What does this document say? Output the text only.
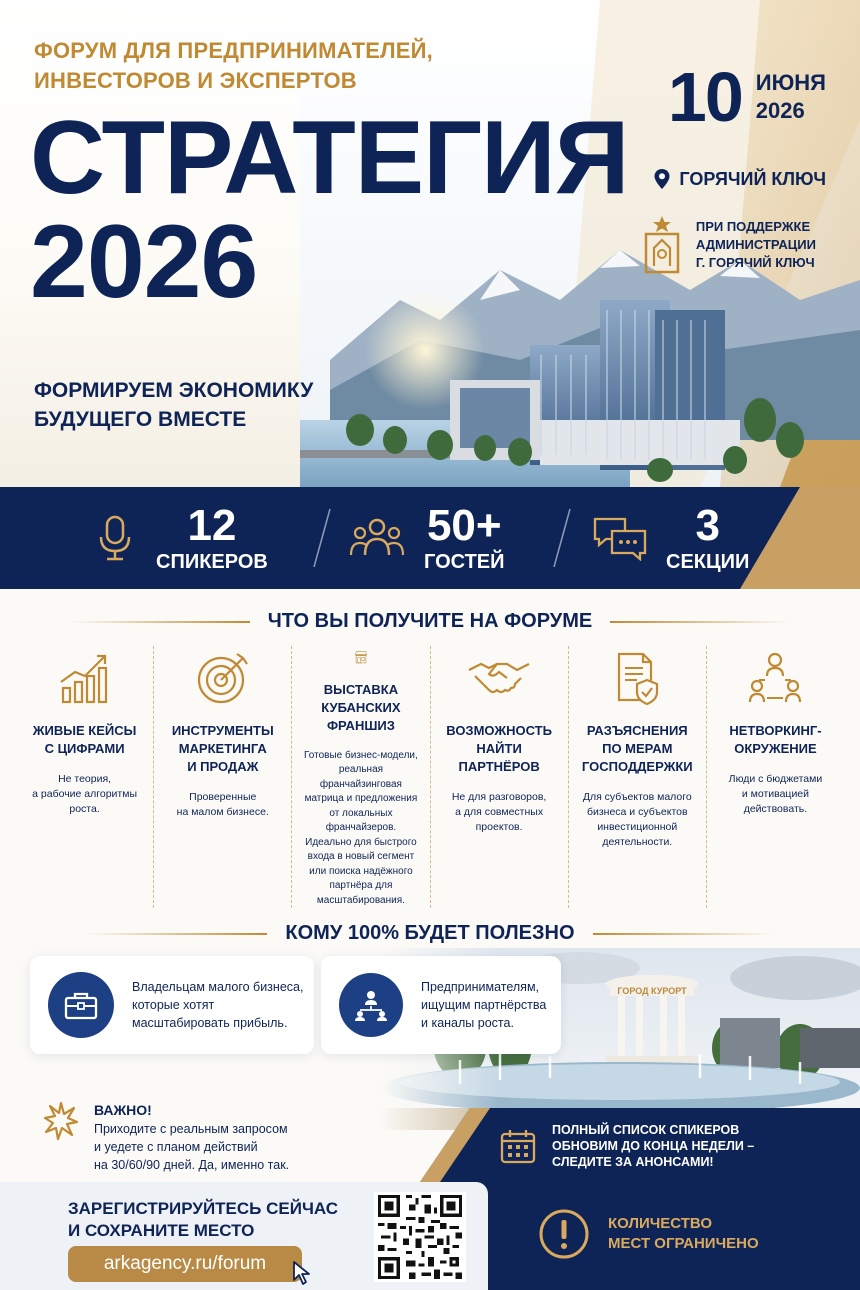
ФОРУМ ДЛЯ ПРЕДПРИНИМАТЕЛЕЙ,
ИНВЕСТОРОВ И ЭКСПЕРТОВ
СТРАТЕГИЯ
2026
ФОРМИРУЕМ ЭКОНОМИКУ
БУДУЩЕГО ВМЕСТЕ
10 ИЮНЯ
2026
ГОРЯЧИЙ КЛЮЧ
ПРИ ПОДДЕРЖКЕ
АДМИНИСТРАЦИИ
Г. ГОРЯЧИЙ КЛЮЧ
12
СПИКЕРОВ
50+
ГОСТЕЙ
3
СЕКЦИИ
ЧТО ВЫ ПОЛУЧИТЕ НА ФОРУМЕ
ЖИВЫЕ КЕЙСЫ
С ЦИФРАМИ
Не теория,
а рабочие алгоритмы
роста.
ИНСТРУМЕНТЫ
МАРКЕТИНГА
И ПРОДАЖ
Проверенные
на малом бизнесе.
ВЫСТАВКА
КУБАНСКИХ
ФРАНШИЗ
Готовые бизнес-модели,
реальная франчайзинговая
матрица и предложения
от локальных франчайзеров.
Идеально для быстрого
входа в новый сегмент
или поиска надёжного
партнёра для
масштабирования.
ВОЗМОЖНОСТЬ
НАЙТИ ПАРТНЁРОВ
Не для разговоров,
а для совместных
проектов.
РАЗЪЯСНЕНИЯ
ПО МЕРАМ
ГОСПОДДЕРЖКИ
Для субъектов малого
бизнеса и субъектов
инвестиционной
деятельности.
НЕТВОРКИНГ-
ОКРУЖЕНИЕ
Люди с бюджетами
и мотивацией
действовать.
КОМУ 100% БУДЕТ ПОЛЕЗНО
Владельцам малого бизнеса,
которые хотят
масштабировать прибыль.
Предпринимателям,
ищущим партнёрства
и каналы роста.
ВАЖНО!
Приходите с реальным запросом
и уедете с планом действий
на 30/60/90 дней. Да, именно так.
ПОЛНЫЙ СПИСОК СПИКЕРОВ
ОБНОВИМ ДО КОНЦА НЕДЕЛИ –
СЛЕДИТЕ ЗА АНОНСАМИ!
ЗАРЕГИСТРИРУЙТЕСЬ СЕЙЧАС
И СОХРАНИТЕ МЕСТО
arkagency.ru/forum
КОЛИЧЕСТВО
МЕСТ ОГРАНИЧЕНО
